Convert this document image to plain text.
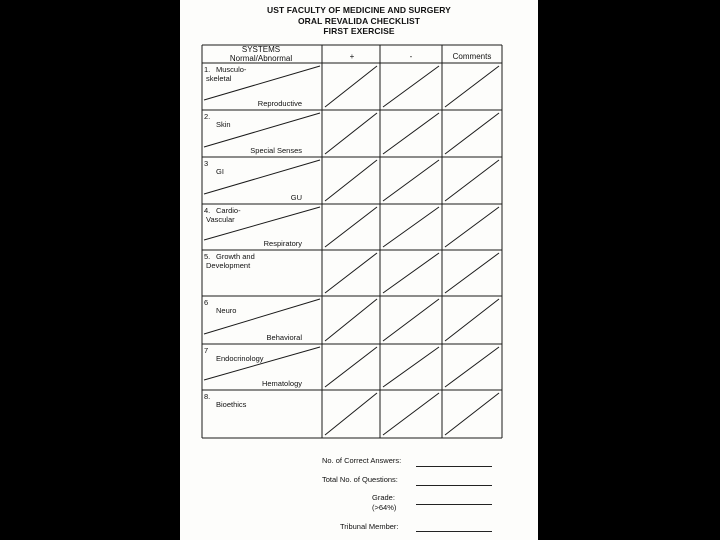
UST FACULTY OF MEDICINE AND SURGERY
ORAL REVALIDA CHECKLIST
FIRST EXERCISE
SYSTEMS
Normal/Abnormal	+	-	Comments
1. Musculo-
skeletal
Reproductive
2.
Skin
Special Senses
3
GI
GU
4. Cardio-
Vascular
Respiratory
5. Growth and
Development
6
Neuro
Behavioral
7
Endocrinology
Hematology
8.
Bioethics
No. of Correct Answers:
Total No. of Questions:
Grade:
(>64%)
Tribunal Member:
